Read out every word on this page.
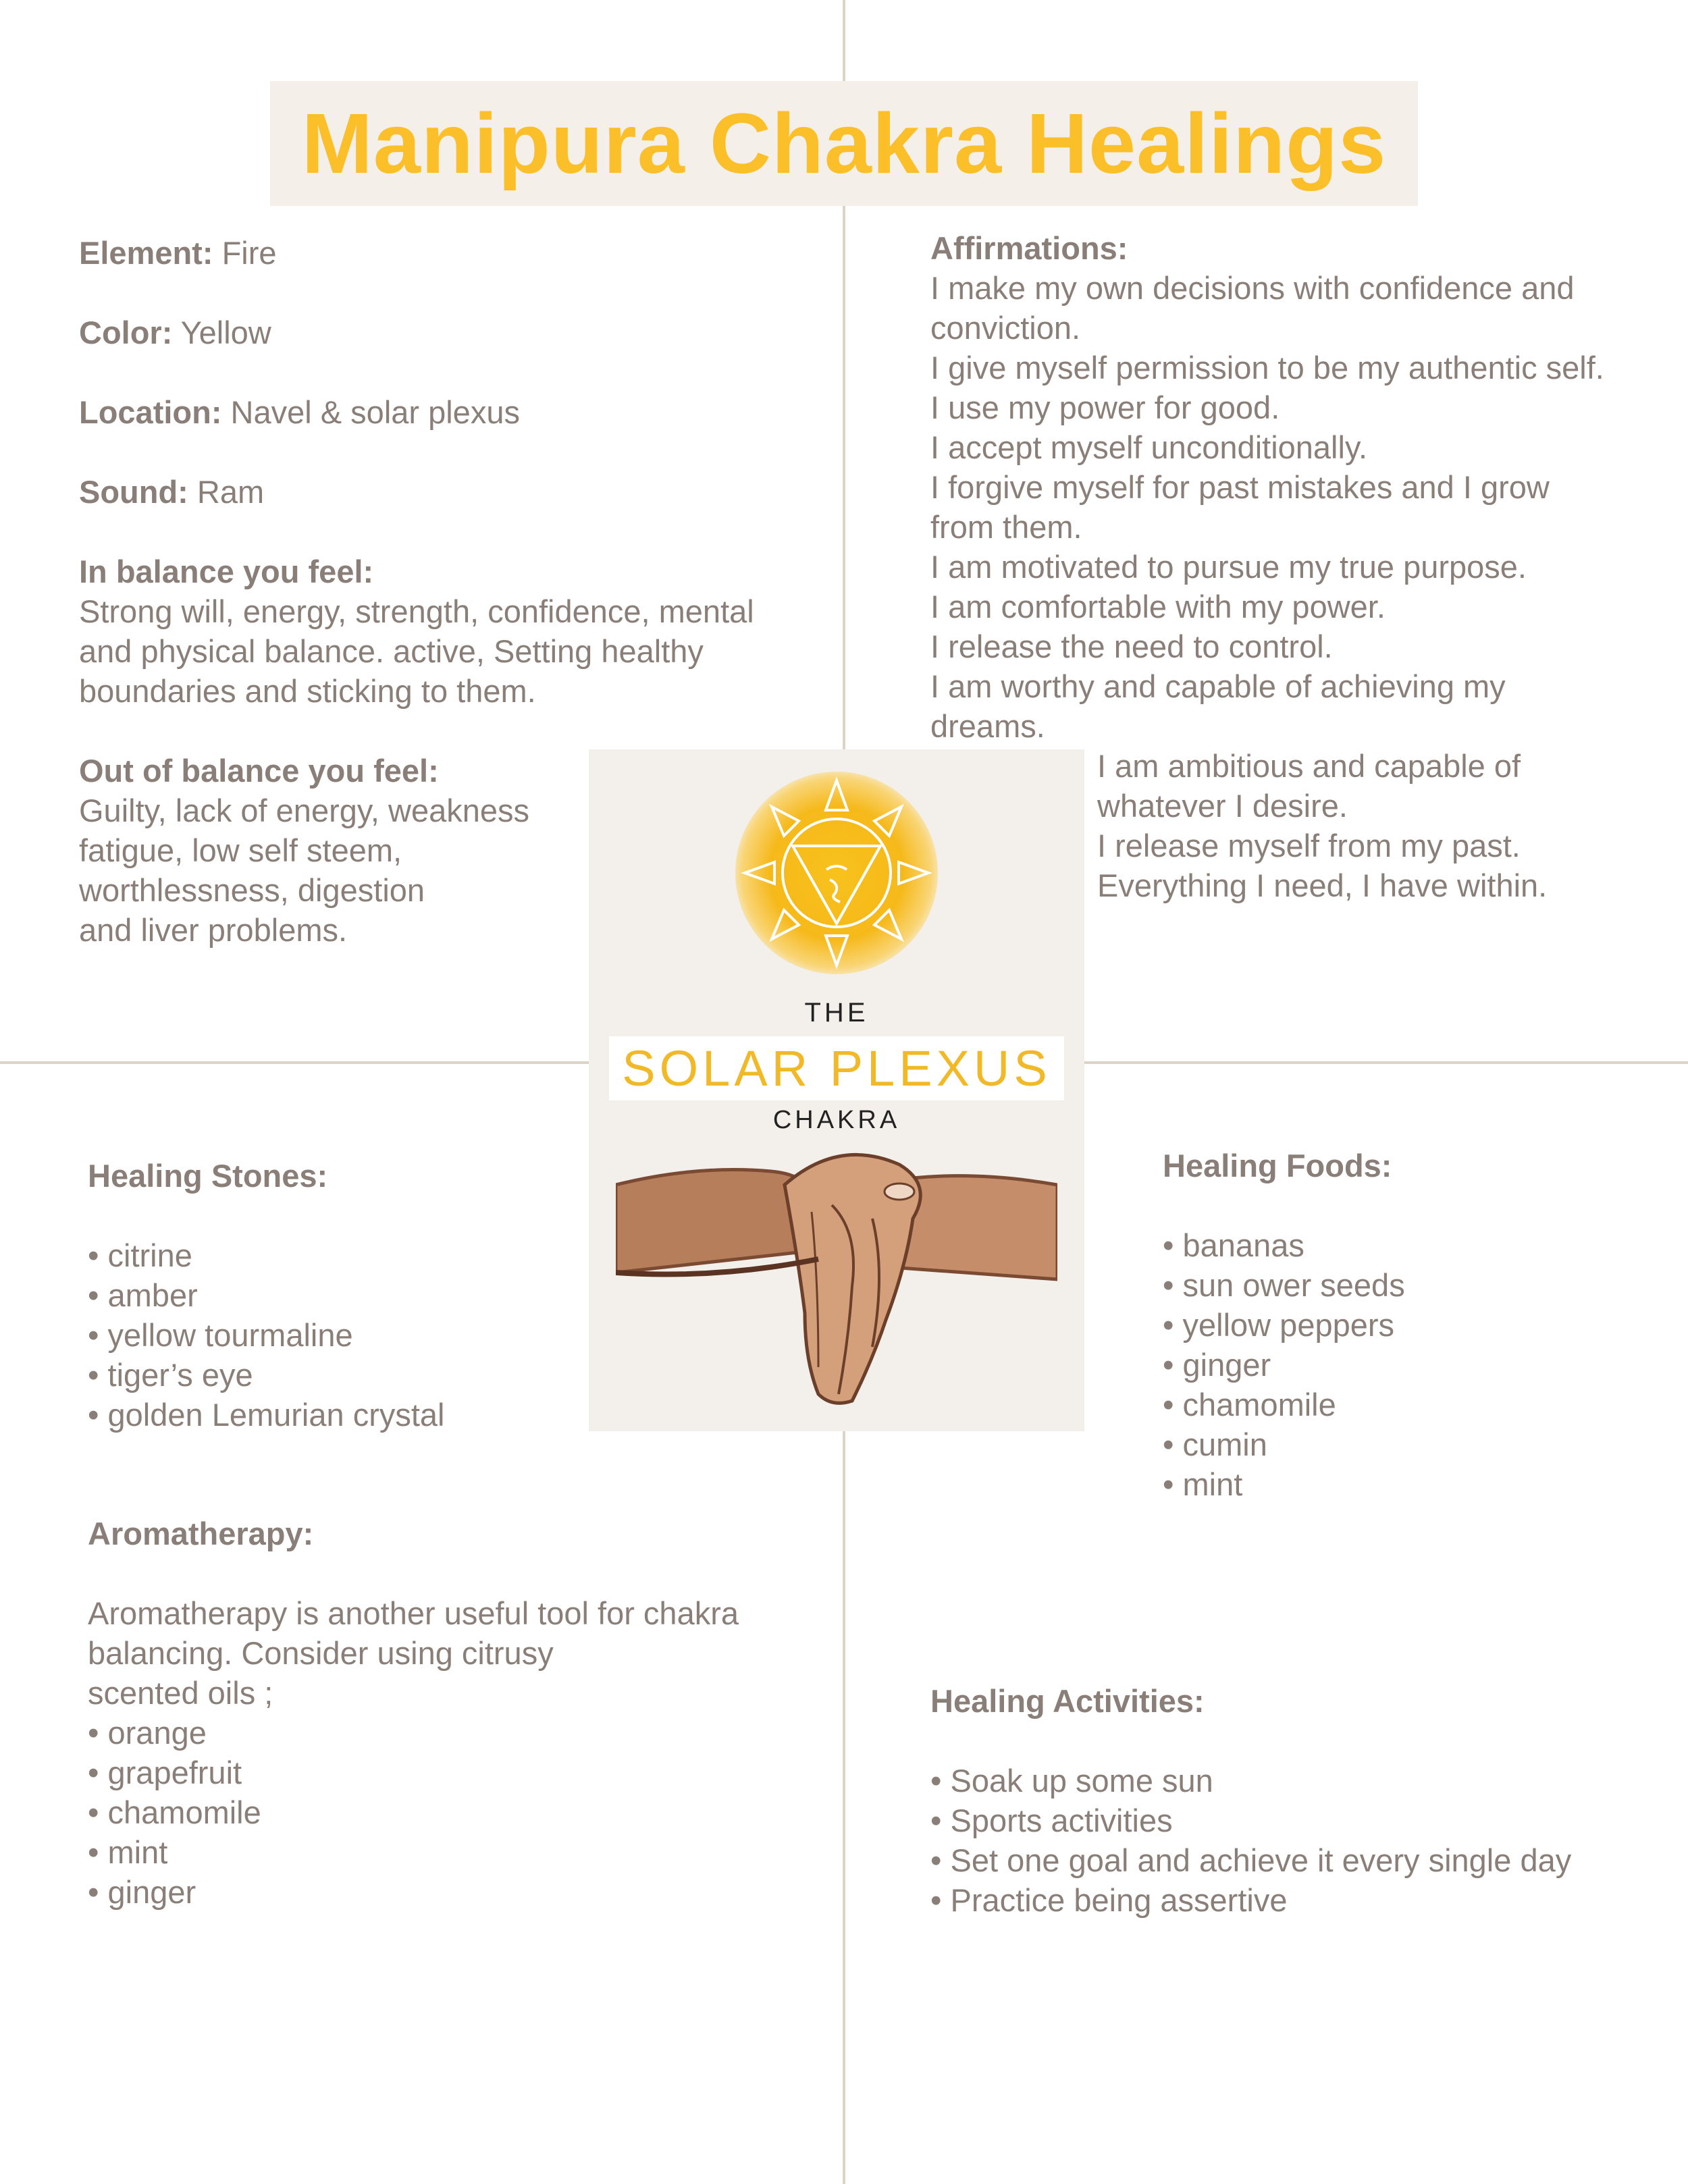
Manipura Chakra Healings

Element: Fire

Color: Yellow

Location: Navel & solar plexus

Sound: Ram

In balance you feel:

Strong will, energy, strength, confidence, mental

and physical balance. active, Setting healthy

boundaries and sticking to them.

Out of balance you feel:

Guilty, lack of energy, weakness

fatigue, low self steem,

worthlessness, digestion

and liver problems.

Affirmations:

I make my own decisions with confidence and

conviction.

I give myself permission to be my authentic self.

I use my power for good.

I accept myself unconditionally.

I forgive myself for past mistakes and I grow

from them.

I am motivated to pursue my true purpose.

I am comfortable with my power.

I release the need to control.

I am worthy and capable of achieving my

dreams.

I am ambitious and capable of

whatever I desire.

I release myself from my past.

Everything I need, I have within.

THE
SOLAR PLEXUS
CHAKRA

Healing Stones:

• citrine

• amber

• yellow tourmaline

• tiger’s eye

• golden Lemurian crystal

Aromatherapy:

Aromatherapy is another useful tool for chakra

balancing. Consider using citrusy

scented oils ;

• orange

• grapefruit

• chamomile

• mint

• ginger

Healing Foods:

• bananas

• sun ower seeds

• yellow peppers

• ginger

• chamomile

• cumin

• mint

Healing Activities:

• Soak up some sun

• Sports activities

• Set one goal and achieve it every single day

• Practice being assertive
